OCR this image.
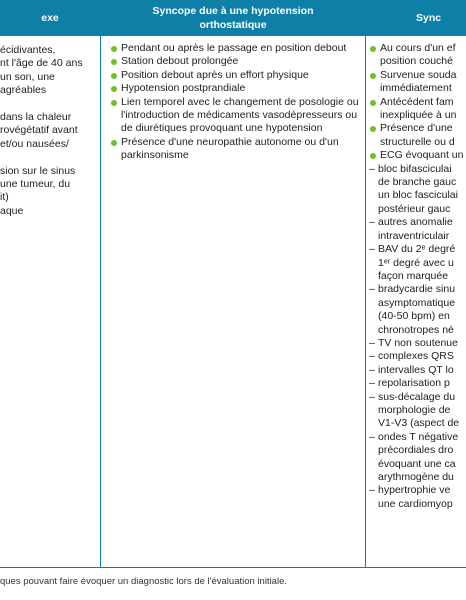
exe
Syncope due à une hypotension orthostatique
Sync
écidivantes,
nt l'âge de 40 ans
un son, une
agréables
dans la chaleur
rovégétatif avant
et/ou nausées/
sion sur le sinus
une tumeur, du
it)
aque
Pendant ou après le passage en position debout
Station debout prolongée
Position debout après un effort physique
Hypotension postprandiale
Lien temporel avec le changement de posologie ou l'introduction de médicaments vasodépresseurs ou de diurétiques provoquant une hypotension
Présence d'une neuropathie autonome ou d'un parkinsonisme
Au cours d'un ef
position couché
Survenue souda
immédiatement
Antécédent fam
inexpliquée à un
Présence d'une
structurelle ou d
ECG évoquant un
– bloc bifasciculai
de branche gauc
un bloc fasciculai
postérieur gauc
– autres anomalie
intraventriculair
– BAV du 2ᵉ degré
1ᵉʳ degré avec u
façon marquée
– bradycardie sinu
asymptomatique
(40-50 bpm) en
chronotropes né
– TV non soutenue
– complexes QRS
– intervalles QT lo
– repolarisation p
– sus-décalage du
morphologie de
V1-V3 (aspect de
– ondes T négative
précordiales dro
évoquant une ca
arythmogène du
– hypertrophie ve
une cardiomyop
ques pouvant faire évoquer un diagnostic lors de l'évaluation initiale.
